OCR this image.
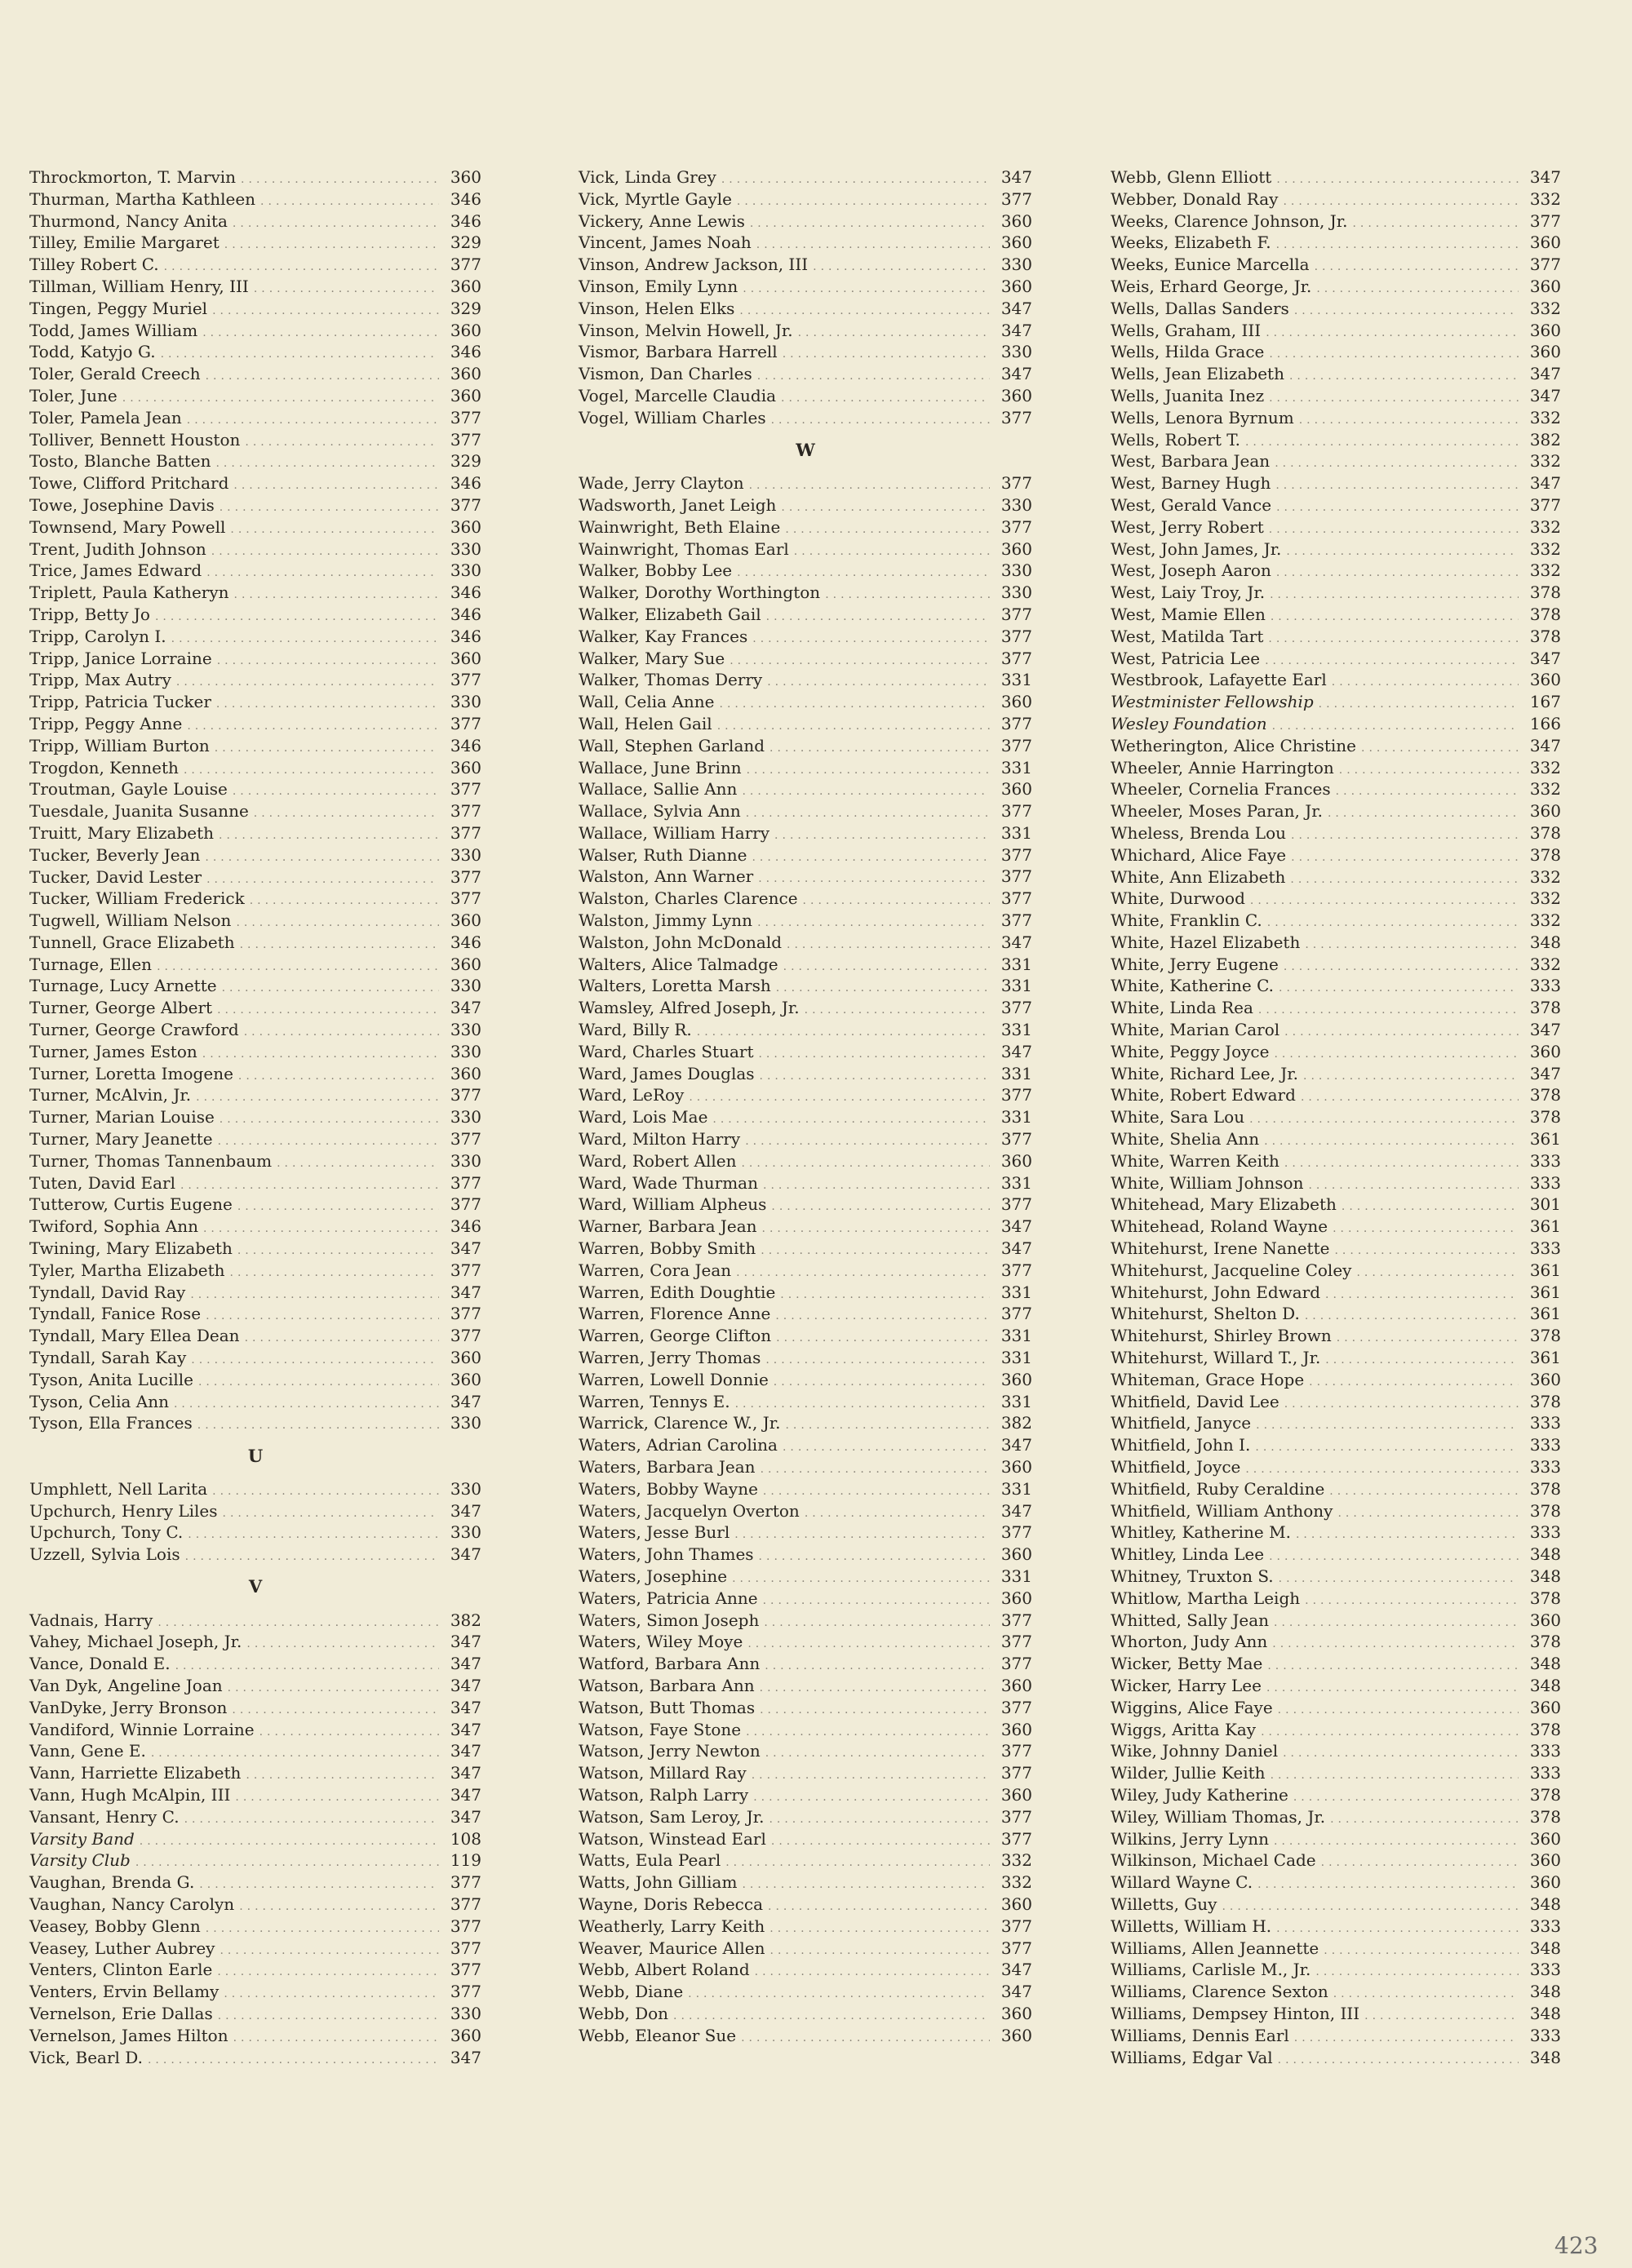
Throckmorton, T. Marvin .....	360
Thurman, Martha Kathleen .....	346
Thurmond, Nancy Anita .....	346
Tilley, Emilie Margaret .....	329
Tilley Robert C. .....	377
Tillman, William Henry, III .....	360
Tingen, Peggy Muriel .....	329
Todd, James William .....	360
Todd, Katyjo G. .....	346
Toler, Gerald Creech .....	360
Toler, June .....	360
Toler, Pamela Jean .....	377
Tolliver, Bennett Houston .....	377
Tosto, Blanche Batten .....	329
Towe, Clifford Pritchard .....	346
Towe, Josephine Davis .....	377
Townsend, Mary Powell .....	360
Trent, Judith Johnson .....	330
Trice, James Edward .....	330
Triplett, Paula Katheryn .....	346
Tripp, Betty Jo .....	346
Tripp, Carolyn I. .....	346
Tripp, Janice Lorraine .....	360
Tripp, Max Autry .....	377
Tripp, Patricia Tucker .....	330
Tripp, Peggy Anne .....	377
Tripp, William Burton .....	346
Trogdon, Kenneth .....	360
Troutman, Gayle Louise .....	377
Tuesdale, Juanita Susanne .....	377
Truitt, Mary Elizabeth .....	377
Tucker, Beverly Jean .....	330
Tucker, David Lester .....	377
Tucker, William Frederick .....	377
Tugwell, William Nelson .....	360
Tunnell, Grace Elizabeth .....	346
Turnage, Ellen .....	360
Turnage, Lucy Arnette .....	330
Turner, George Albert .....	347
Turner, George Crawford .....	330
Turner, James Eston .....	330
Turner, Loretta Imogene .....	360
Turner, McAlvin, Jr. .....	377
Turner, Marian Louise .....	330
Turner, Mary Jeanette .....	377
Turner, Thomas Tannenbaum .....	330
Tuten, David Earl .....	377
Tutterow, Curtis Eugene .....	377
Twiford, Sophia Ann .....	346
Twining, Mary Elizabeth .....	347
Tyler, Martha Elizabeth .....	377
Tyndall, David Ray .....	347
Tyndall, Fanice Rose .....	377
Tyndall, Mary Ellea Dean .....	377
Tyndall, Sarah Kay .....	360
Tyson, Anita Lucille .....	360
Tyson, Celia Ann .....	347
Tyson, Ella Frances .....	330
U
Umphlett, Nell Larita .....	330
Upchurch, Henry Liles .....	347
Upchurch, Tony C. .....	330
Uzzell, Sylvia Lois .....	347
V
Vadnais, Harry .....	382
Vahey, Michael Joseph, Jr. .....	347
Vance, Donald E. .....	347
Van Dyk, Angeline Joan .....	347
VanDyke, Jerry Bronson .....	347
Vandiford, Winnie Lorraine .....	347
Vann, Gene E. .....	347
Vann, Harriette Elizabeth .....	347
Vann, Hugh McAlpin, III .....	347
Vansant, Henry C. .....	347
Varsity Band .....	108
Varsity Club .....	119
Vaughan, Brenda G. .....	377
Vaughan, Nancy Carolyn .....	377
Veasey, Bobby Glenn .....	377
Veasey, Luther Aubrey .....	377
Venters, Clinton Earle .....	377
Venters, Ervin Bellamy .....	377
Vernelson, Erie Dallas .....	330
Vernelson, James Hilton .....	360
Vick, Bearl D. .....	347
Vick, Linda Grey .....	347
Vick, Myrtle Gayle .....	377
Vickery, Anne Lewis .....	360
Vincent, James Noah .....	360
Vinson, Andrew Jackson, III .....	330
Vinson, Emily Lynn .....	360
Vinson, Helen Elks .....	347
Vinson, Melvin Howell, Jr. .....	347
Vismor, Barbara Harrell .....	330
Vismon, Dan Charles .....	347
Vogel, Marcelle Claudia .....	360
Vogel, William Charles .....	377
W
Wade, Jerry Clayton .....	377
Wadsworth, Janet Leigh .....	330
Wainwright, Beth Elaine .....	377
Wainwright, Thomas Earl .....	360
Walker, Bobby Lee .....	330
Walker, Dorothy Worthington .....	330
Walker, Elizabeth Gail .....	377
Walker, Kay Frances .....	377
Walker, Mary Sue .....	377
Walker, Thomas Derry .....	331
Wall, Celia Anne .....	360
Wall, Helen Gail .....	377
Wall, Stephen Garland .....	377
Wallace, June Brinn .....	331
Wallace, Sallie Ann .....	360
Wallace, Sylvia Ann .....	377
Wallace, William Harry .....	331
Walser, Ruth Dianne .....	377
Walston, Ann Warner .....	377
Walston, Charles Clarence .....	377
Walston, Jimmy Lynn .....	377
Walston, John McDonald .....	347
Walters, Alice Talmadge .....	331
Walters, Loretta Marsh .....	331
Wamsley, Alfred Joseph, Jr. .....	377
Ward, Billy R. .....	331
Ward, Charles Stuart .....	347
Ward, James Douglas .....	331
Ward, LeRoy .....	377
Ward, Lois Mae .....	331
Ward, Milton Harry .....	377
Ward, Robert Allen .....	360
Ward, Wade Thurman .....	331
Ward, William Alpheus .....	377
Warner, Barbara Jean .....	347
Warren, Bobby Smith .....	347
Warren, Cora Jean .....	377
Warren, Edith Doughtie .....	331
Warren, Florence Anne .....	377
Warren, George Clifton .....	331
Warren, Jerry Thomas .....	331
Warren, Lowell Donnie .....	360
Warren, Tennys E. .....	331
Warrick, Clarence W., Jr. .....	382
Waters, Adrian Carolina .....	347
Waters, Barbara Jean .....	360
Waters, Bobby Wayne .....	331
Waters, Jacquelyn Overton .....	347
Waters, Jesse Burl .....	377
Waters, John Thames .....	360
Waters, Josephine .....	331
Waters, Patricia Anne .....	360
Waters, Simon Joseph .....	377
Waters, Wiley Moye .....	377
Watford, Barbara Ann .....	377
Watson, Barbara Ann .....	360
Watson, Butt Thomas .....	377
Watson, Faye Stone .....	360
Watson, Jerry Newton .....	377
Watson, Millard Ray .....	377
Watson, Ralph Larry .....	360
Watson, Sam Leroy, Jr. .....	377
Watson, Winstead Earl .....	377
Watts, Eula Pearl .....	332
Watts, John Gilliam .....	332
Wayne, Doris Rebecca .....	360
Weatherly, Larry Keith .....	377
Weaver, Maurice Allen .....	377
Webb, Albert Roland .....	347
Webb, Diane .....	347
Webb, Don .....	360
Webb, Eleanor Sue .....	360
Webb, Glenn Elliott .....	347
Webber, Donald Ray .....	332
Weeks, Clarence Johnson, Jr. .....	377
Weeks, Elizabeth F. .....	360
Weeks, Eunice Marcella .....	377
Weis, Erhard George, Jr. .....	360
Wells, Dallas Sanders .....	332
Wells, Graham, III .....	360
Wells, Hilda Grace .....	360
Wells, Jean Elizabeth .....	347
Wells, Juanita Inez .....	347
Wells, Lenora Byrnum .....	332
Wells, Robert T. .....	382
West, Barbara Jean .....	332
West, Barney Hugh .....	347
West, Gerald Vance .....	377
West, Jerry Robert .....	332
West, John James, Jr. .....	332
West, Joseph Aaron .....	332
West, Laiy Troy, Jr. .....	378
West, Mamie Ellen .....	378
West, Matilda Tart .....	378
West, Patricia Lee .....	347
Westbrook, Lafayette Earl .....	360
Westminister Fellowship .....	167
Wesley Foundation .....	166
Wetherington, Alice Christine .....	347
Wheeler, Annie Harrington .....	332
Wheeler, Cornelia Frances .....	332
Wheeler, Moses Paran, Jr. .....	360
Wheless, Brenda Lou .....	378
Whichard, Alice Faye .....	378
White, Ann Elizabeth .....	332
White, Durwood .....	332
White, Franklin C. .....	332
White, Hazel Elizabeth .....	348
White, Jerry Eugene .....	332
White, Katherine C. .....	333
White, Linda Rea .....	378
White, Marian Carol .....	347
White, Peggy Joyce .....	360
White, Richard Lee, Jr. .....	347
White, Robert Edward .....	378
White, Sara Lou .....	378
White, Shelia Ann .....	361
White, Warren Keith .....	333
White, William Johnson .....	333
Whitehead, Mary Elizabeth .....	301
Whitehead, Roland Wayne .....	361
Whitehurst, Irene Nanette .....	333
Whitehurst, Jacqueline Coley .....	361
Whitehurst, John Edward .....	361
Whitehurst, Shelton D. .....	361
Whitehurst, Shirley Brown .....	378
Whitehurst, Willard T., Jr. .....	361
Whiteman, Grace Hope .....	360
Whitfield, David Lee .....	378
Whitfield, Janyce .....	333
Whitfield, John I. .....	333
Whitfield, Joyce .....	333
Whitfield, Ruby Ceraldine .....	378
Whitfield, William Anthony .....	378
Whitley, Katherine M. .....	333
Whitley, Linda Lee .....	348
Whitney, Truxton S. .....	348
Whitlow, Martha Leigh .....	378
Whitted, Sally Jean .....	360
Whorton, Judy Ann .....	378
Wicker, Betty Mae .....	348
Wicker, Harry Lee .....	348
Wiggins, Alice Faye .....	360
Wiggs, Aritta Kay .....	378
Wike, Johnny Daniel .....	333
Wilder, Jullie Keith .....	333
Wiley, Judy Katherine .....	378
Wiley, William Thomas, Jr. .....	378
Wilkins, Jerry Lynn .....	360
Wilkinson, Michael Cade .....	360
Willard Wayne C. .....	360
Willetts, Guy .....	348
Willetts, William H. .....	333
Williams, Allen Jeannette .....	348
Williams, Carlisle M., Jr. .....	333
Williams, Clarence Sexton .....	348
Williams, Dempsey Hinton, III .....	348
Williams, Dennis Earl .....	333
Williams, Edgar Val .....	348
423
